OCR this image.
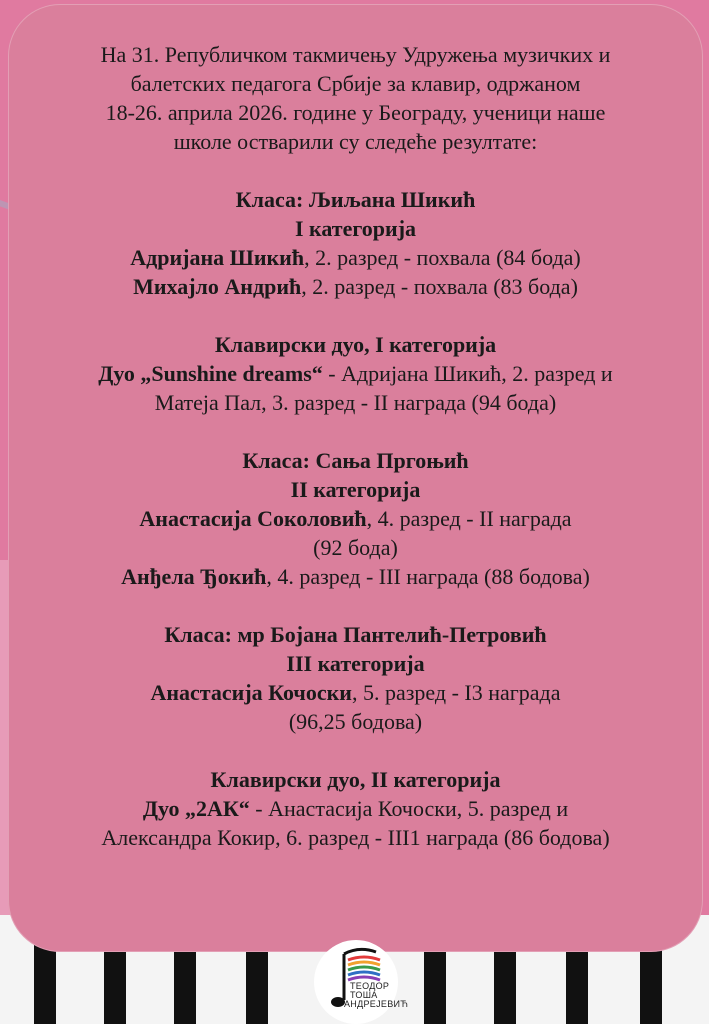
На 31. Републичком такмичењу Удружења музичких и

балетских педагога Србије за клавир, одржаном

18-26. априла 2026. године у Београду, ученици наше

школе остварили су следеће резултате:

Класа: Љиљана Шикић

I категорија

Адријана Шикић, 2. разред - похвала (84 бода)

Михајло Андрић, 2. разред - похвала (83 бода)

Клавирски дуо, I категорија

Дуо „Sunshine dreams“ - Адријана Шикић, 2. разред и

Матеја Пал, 3. разред - II награда (94 бода)

Класа: Сања Пргоњић

II категорија

Анастасија Соколовић, 4. разред - II награда

(92 бода)

Анђела Ђокић, 4. разред - III награда (88 бодова)

Класа: мр Бојана Пантелић-Петровић

III категорија

Анастасија Кочоски, 5. разред - I3 награда

(96,25 бодова)

Клавирски дуо, II категорија

Дуо „2АК“ - Анастасија Кочоски, 5. разред и

Александра Кокир, 6. разред - III1 награда (86 бодова)

ТЕОДОР
ТОША
АНДРЕЈЕВИЋ
